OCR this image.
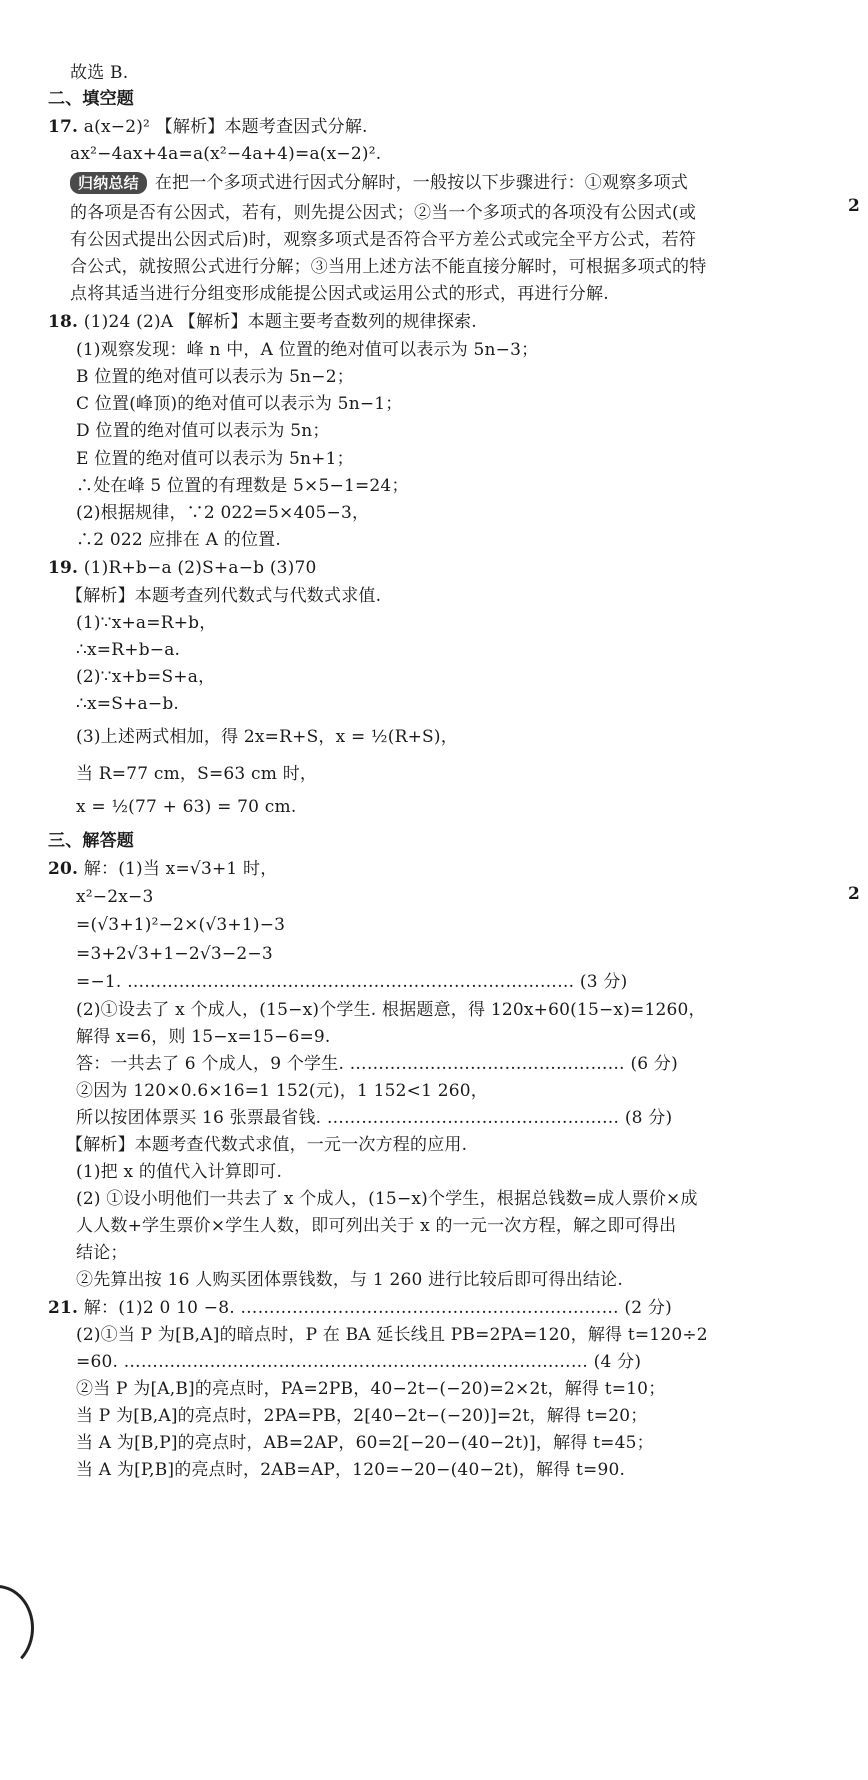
故选 B.
二、填空题
17. a(x−2)² 【解析】本题考查因式分解.
ax²−4ax+4a=a(x²−4a+4)=a(x−2)².
归纳总结 在把一个多项式进行因式分解时，一般按以下步骤进行：①观察多项式
的各项是否有公因式，若有，则先提公因式；②当一个多项式的各项没有公因式(或
有公因式提出公因式后)时，观察多项式是否符合平方差公式或完全平方公式，若符
合公式，就按照公式进行分解；③当用上述方法不能直接分解时，可根据多项式的特
点将其适当进行分组变形成能提公因式或运用公式的形式，再进行分解.
18. (1)24 (2)A 【解析】本题主要考查数列的规律探索.
(1)观察发现：峰 n 中，A 位置的绝对值可以表示为 5n−3；
B 位置的绝对值可以表示为 5n−2；
C 位置(峰顶)的绝对值可以表示为 5n−1；
D 位置的绝对值可以表示为 5n；
E 位置的绝对值可以表示为 5n+1；
∴处在峰 5 位置的有理数是 5×5−1=24；
(2)根据规律，∵2 022=5×405−3，
∴2 022 应排在 A 的位置.
19. (1)R+b−a (2)S+a−b (3)70
【解析】本题考查列代数式与代数式求值.
(1)∵x+a=R+b，
∴x=R+b−a.
(2)∵x+b=S+a，
∴x=S+a−b.
(3)上述两式相加，得 2x=R+S，x = ½(R+S)，
当 R=77 cm，S=63 cm 时，
x = ½(77 + 63) = 70 cm.
三、解答题
20. 解：(1)当 x=√3+1 时，
x²−2x−3
=(√3+1)²−2×(√3+1)−3
=3+2√3+1−2√3−2−3
=−1. …………………………………………………………………… (3 分)
(2)①设去了 x 个成人，(15−x)个学生. 根据题意，得 120x+60(15−x)=1260，
解得 x=6，则 15−x=15−6=9.
答：一共去了 6 个成人，9 个学生. ………………………………………… (6 分)
②因为 120×0.6×16=1 152(元)，1 152<1 260，
所以按团体票买 16 张票最省钱. …………………………………………… (8 分)
【解析】本题考查代数式求值，一元一次方程的应用.
(1)把 x 的值代入计算即可.
(2) ①设小明他们一共去了 x 个成人，(15−x)个学生，根据总钱数=成人票价×成
人人数+学生票价×学生人数，即可列出关于 x 的一元一次方程，解之即可得出
结论；
②先算出按 16 人购买团体票钱数，与 1 260 进行比较后即可得出结论.
21. 解：(1)2 0 10 −8. ………………………………………………………… (2 分)
(2)①当 P 为[B,A]的暗点时，P 在 BA 延长线且 PB=2PA=120，解得 t=120÷2
=60. ……………………………………………………………………… (4 分)
②当 P 为[A,B]的亮点时，PA=2PB，40−2t−(−20)=2×2t，解得 t=10；
当 P 为[B,A]的亮点时，2PA=PB，2[40−2t−(−20)]=2t，解得 t=20；
当 A 为[B,P]的亮点时，AB=2AP，60=2[−20−(40−2t)]，解得 t=45；
当 A 为[P,B]的亮点时，2AB=AP，120=−20−(40−2t)，解得 t=90.
2
2
